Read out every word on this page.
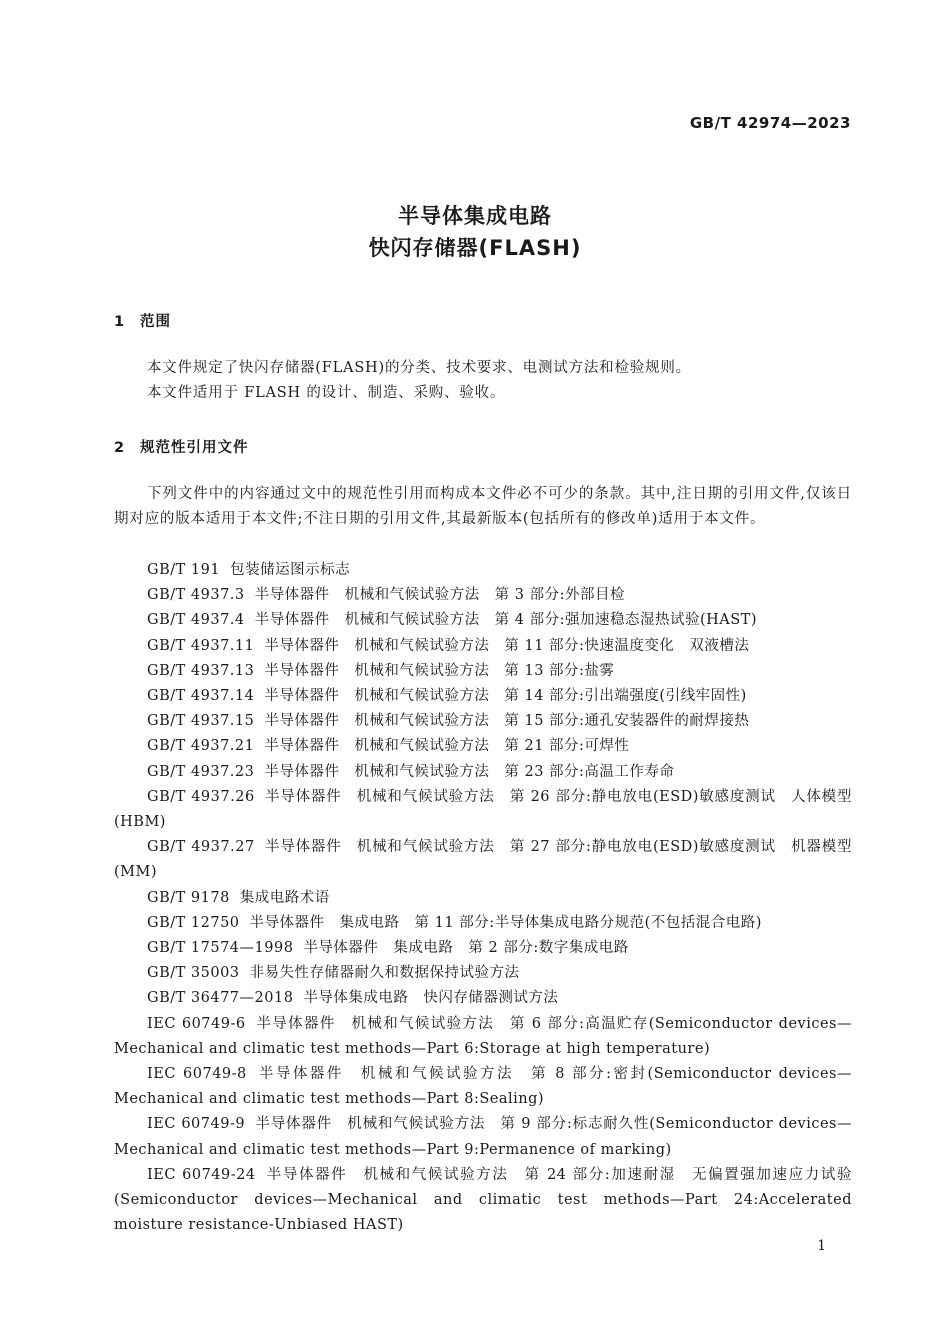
GB/T 42974—2023
半导体集成电路
快闪存储器(FLASH)
1 范围
本文件规定了快闪存储器(FLASH)的分类、技术要求、电测试方法和检验规则。
本文件适用于 FLASH 的设计、制造、采购、验收。
2 规范性引用文件
下列文件中的内容通过文中的规范性引用而构成本文件必不可少的条款。其中,注日期的引用文件,仅该日期对应的版本适用于本文件;不注日期的引用文件,其最新版本(包括所有的修改单)适用于本文件。
GB/T 191 包装储运图示标志
GB/T 4937.3 半导体器件　机械和气候试验方法　第 3 部分:外部目检
GB/T 4937.4 半导体器件　机械和气候试验方法　第 4 部分:强加速稳态湿热试验(HAST)
GB/T 4937.11 半导体器件　机械和气候试验方法　第 11 部分:快速温度变化　双液槽法
GB/T 4937.13 半导体器件　机械和气候试验方法　第 13 部分:盐雾
GB/T 4937.14 半导体器件　机械和气候试验方法　第 14 部分:引出端强度(引线牢固性)
GB/T 4937.15 半导体器件　机械和气候试验方法　第 15 部分:通孔安装器件的耐焊接热
GB/T 4937.21 半导体器件　机械和气候试验方法　第 21 部分:可焊性
GB/T 4937.23 半导体器件　机械和气候试验方法　第 23 部分:高温工作寿命
GB/T 4937.26 半导体器件　机械和气候试验方法　第 26 部分:静电放电(ESD)敏感度测试　人体模型(HBM)
GB/T 4937.27 半导体器件　机械和气候试验方法　第 27 部分:静电放电(ESD)敏感度测试　机器模型(MM)
GB/T 9178 集成电路术语
GB/T 12750 半导体器件　集成电路　第 11 部分:半导体集成电路分规范(不包括混合电路)
GB/T 17574—1998 半导体器件　集成电路　第 2 部分:数字集成电路
GB/T 35003 非易失性存储器耐久和数据保持试验方法
GB/T 36477—2018 半导体集成电路　快闪存储器测试方法
IEC 60749-6 半导体器件　机械和气候试验方法　第 6 部分:高温贮存(Semiconductor devices—Mechanical and climatic test methods—Part 6:Storage at high temperature)
IEC 60749-8 半导体器件　机械和气候试验方法　第 8 部分:密封(Semiconductor devices—Mechanical and climatic test methods—Part 8:Sealing)
IEC 60749-9 半导体器件　机械和气候试验方法　第 9 部分:标志耐久性(Semiconductor devices—Mechanical and climatic test methods—Part 9:Permanence of marking)
IEC 60749-24 半导体器件　机械和气候试验方法　第 24 部分:加速耐湿　无偏置强加速应力试验(Semiconductor devices—Mechanical and climatic test methods—Part 24:Accelerated moisture resistance-Unbiased HAST)
1
